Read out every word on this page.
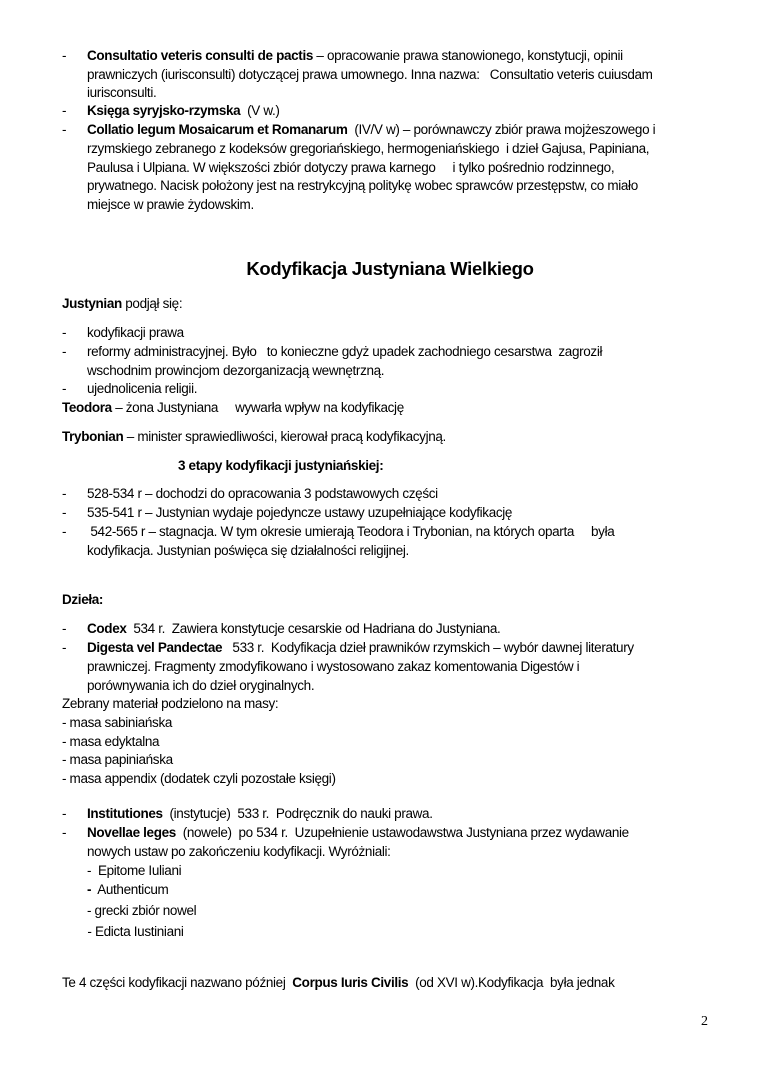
Kodyfikacja Justyniana Wielkiego
2
- Consultatio veteris consulti de pactis – opracowanie prawa stanowionego, konstytucji, opinii
prawniczych (iurisconsulti) dotyczącej prawa umownego. Inna nazwa:   Consultatio veteris cuiusdam
iurisconsulti.
- Księga syryjsko-rzymska  (V w.)
- Collatio legum Mosaicarum et Romanarum  (IV/V w) – porównawczy zbiór prawa mojżeszowego i
rzymskiego zebranego z kodeksów gregoriańskiego, hermogeniańskiego  i dzieł Gajusa, Papiniana,
Paulusa i Ulpiana. W większości zbiór dotyczy prawa karnego     i tylko pośrednio rodzinnego,
prywatnego. Nacisk położony jest na restrykcyjną politykę wobec sprawców przestępstw, co miało
miejsce w prawie żydowskim.
Justynian podjął się:
- kodyfikacji prawa
- reformy administracyjnej. Było   to konieczne gdyż upadek zachodniego cesarstwa  zagroził
wschodnim prowincjom dezorganizacją wewnętrzną.
- ujednolicenia religii.
Teodora – żona Justyniana     wywarła wpływ na kodyfikację
Trybonian – minister sprawiedliwości, kierował pracą kodyfikacyjną.
3 etapy kodyfikacji justyniańskiej:
- 528-534 r – dochodzi do opracowania 3 podstawowych części
- 535-541 r – Justynian wydaje pojedyncze ustawy uzupełniające kodyfikację
- 542-565 r – stagnacja. W tym okresie umierają Teodora i Trybonian, na których oparta     była
kodyfikacja. Justynian poświęca się działalności religijnej.
Dzieła:
- Codex  534 r.  Zawiera konstytucje cesarskie od Hadriana do Justyniana.
- Digesta vel Pandectae   533 r.  Kodyfikacja dzieł prawników rzymskich – wybór dawnej literatury
prawniczej. Fragmenty zmodyfikowano i wystosowano zakaz komentowania Digestów i
porównywania ich do dzieł oryginalnych.
Zebrany materiał podzielono na masy:
- masa sabiniańska
- masa edyktalna
- masa papiniańska
- masa appendix (dodatek czyli pozostałe księgi)
- Institutiones  (instytucje)  533 r.  Podręcznik do nauki prawa.
- Novellae leges  (nowele)  po 534 r.  Uzupełnienie ustawodawstwa Justyniana przez wydawanie
nowych ustaw po zakończeniu kodyfikacji. Wyróżniali:
-  Epitome Iuliani
-  Authenticum
- grecki zbiór nowel
- Edicta Iustiniani
Te 4 części kodyfikacji nazwano później  Corpus Iuris Civilis  (od XVI w).Kodyfikacja  była jednak
